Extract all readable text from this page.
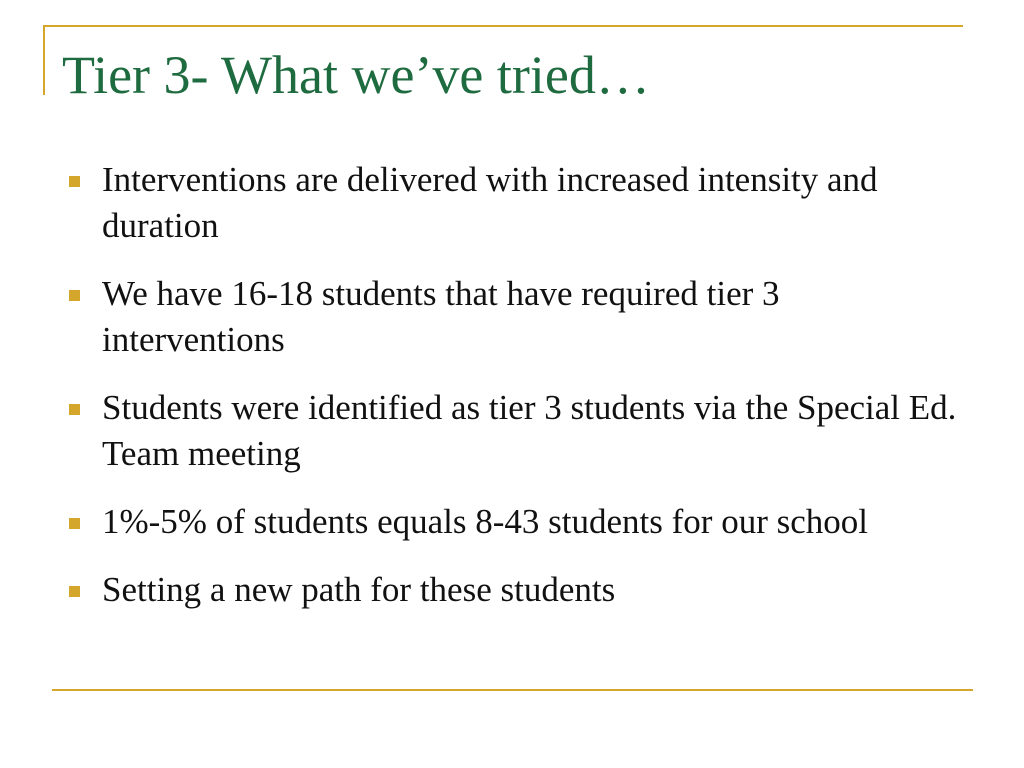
Tier 3- What we’ve tried…
Interventions are delivered with increased intensity and duration
We have 16-18 students that have required tier 3 interventions
Students were identified as tier 3 students via the Special Ed. Team meeting
1%-5% of students equals 8-43 students for our school
Setting a new path for these students
